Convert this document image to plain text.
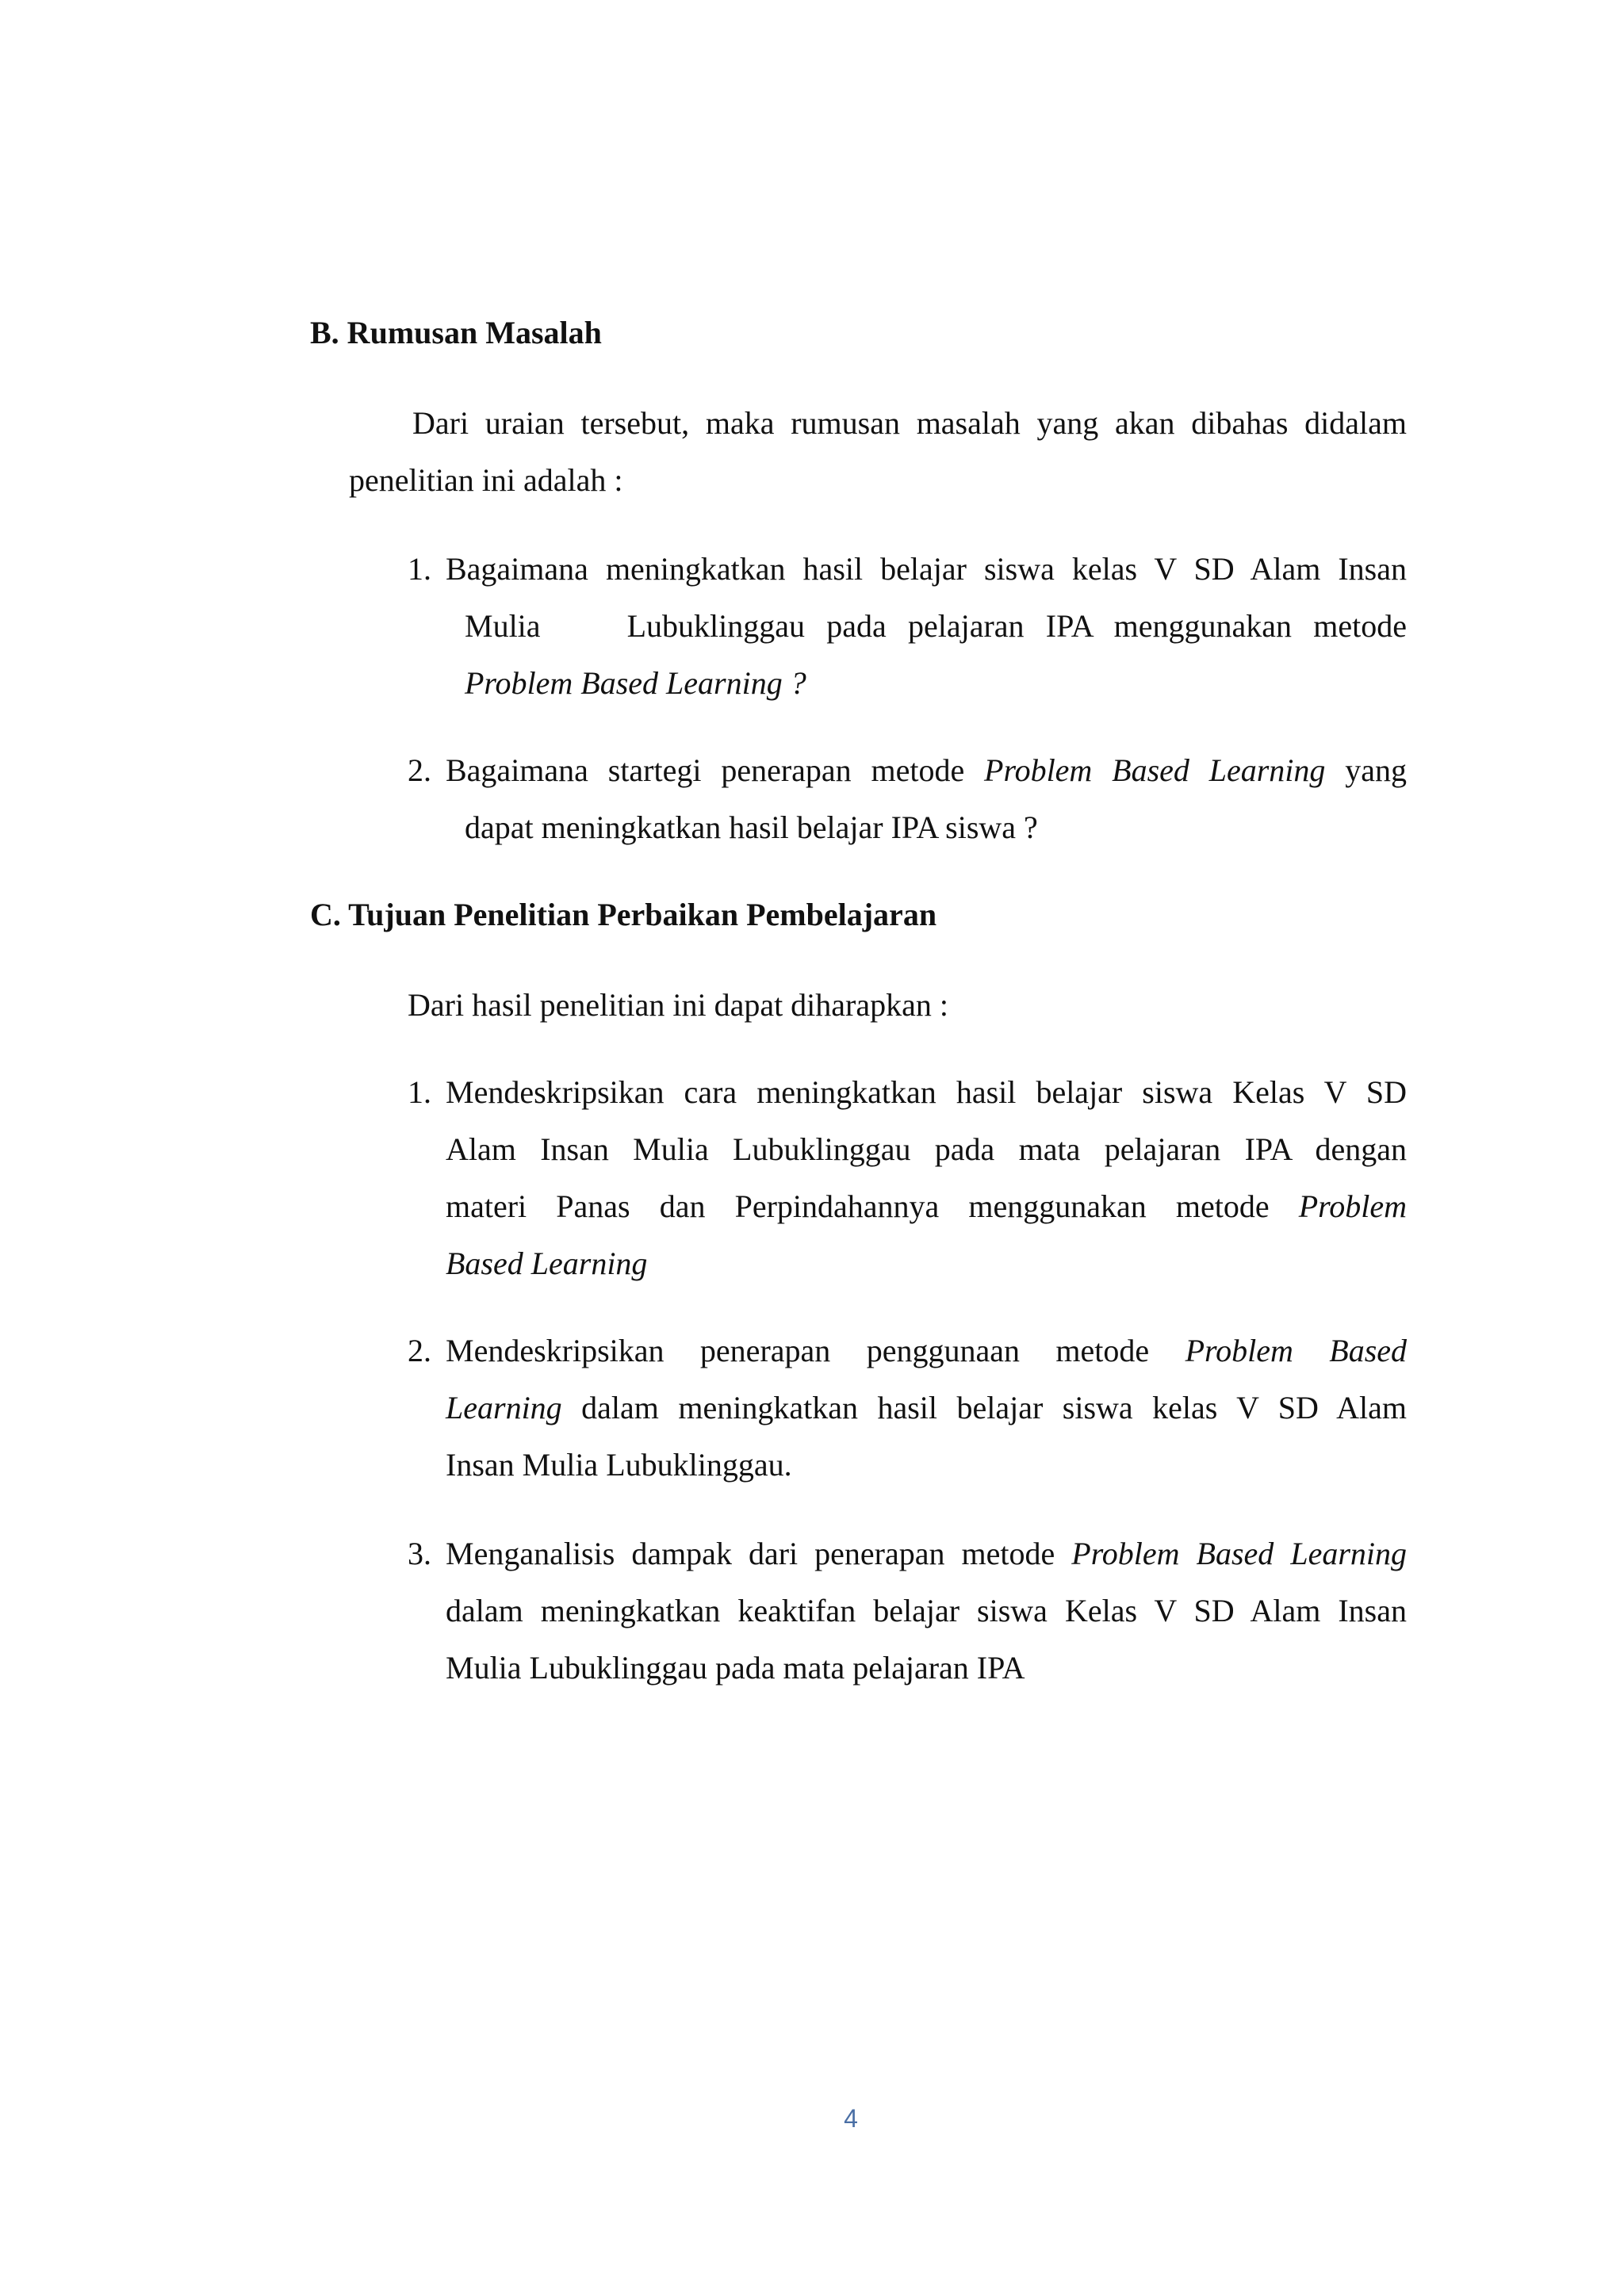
B. Rumusan Masalah
Dari uraian tersebut, maka rumusan masalah yang akan dibahas didalam
penelitian ini adalah :
1. Bagaimana meningkatkan hasil belajar siswa kelas V SD Alam Insan
Mulia	Lubuklinggau pada pelajaran IPA menggunakan metode
Problem Based Learning ?
2. Bagaimana startegi penerapan metode Problem Based Learning yang
dapat meningkatkan hasil belajar IPA siswa ?
C. Tujuan Penelitian Perbaikan Pembelajaran
Dari hasil penelitian ini dapat diharapkan :
1. Mendeskripsikan cara meningkatkan hasil belajar siswa Kelas V SD
Alam Insan Mulia Lubuklinggau pada mata pelajaran IPA dengan
materi Panas dan Perpindahannya menggunakan metode Problem
Based Learning
2. Mendeskripsikan penerapan penggunaan metode Problem Based
Learning dalam meningkatkan hasil belajar siswa kelas V SD Alam
Insan Mulia Lubuklinggau.
3. Menganalisis dampak dari penerapan metode Problem Based Learning
dalam meningkatkan keaktifan belajar siswa Kelas V SD Alam Insan
Mulia Lubuklinggau pada mata pelajaran IPA
4
